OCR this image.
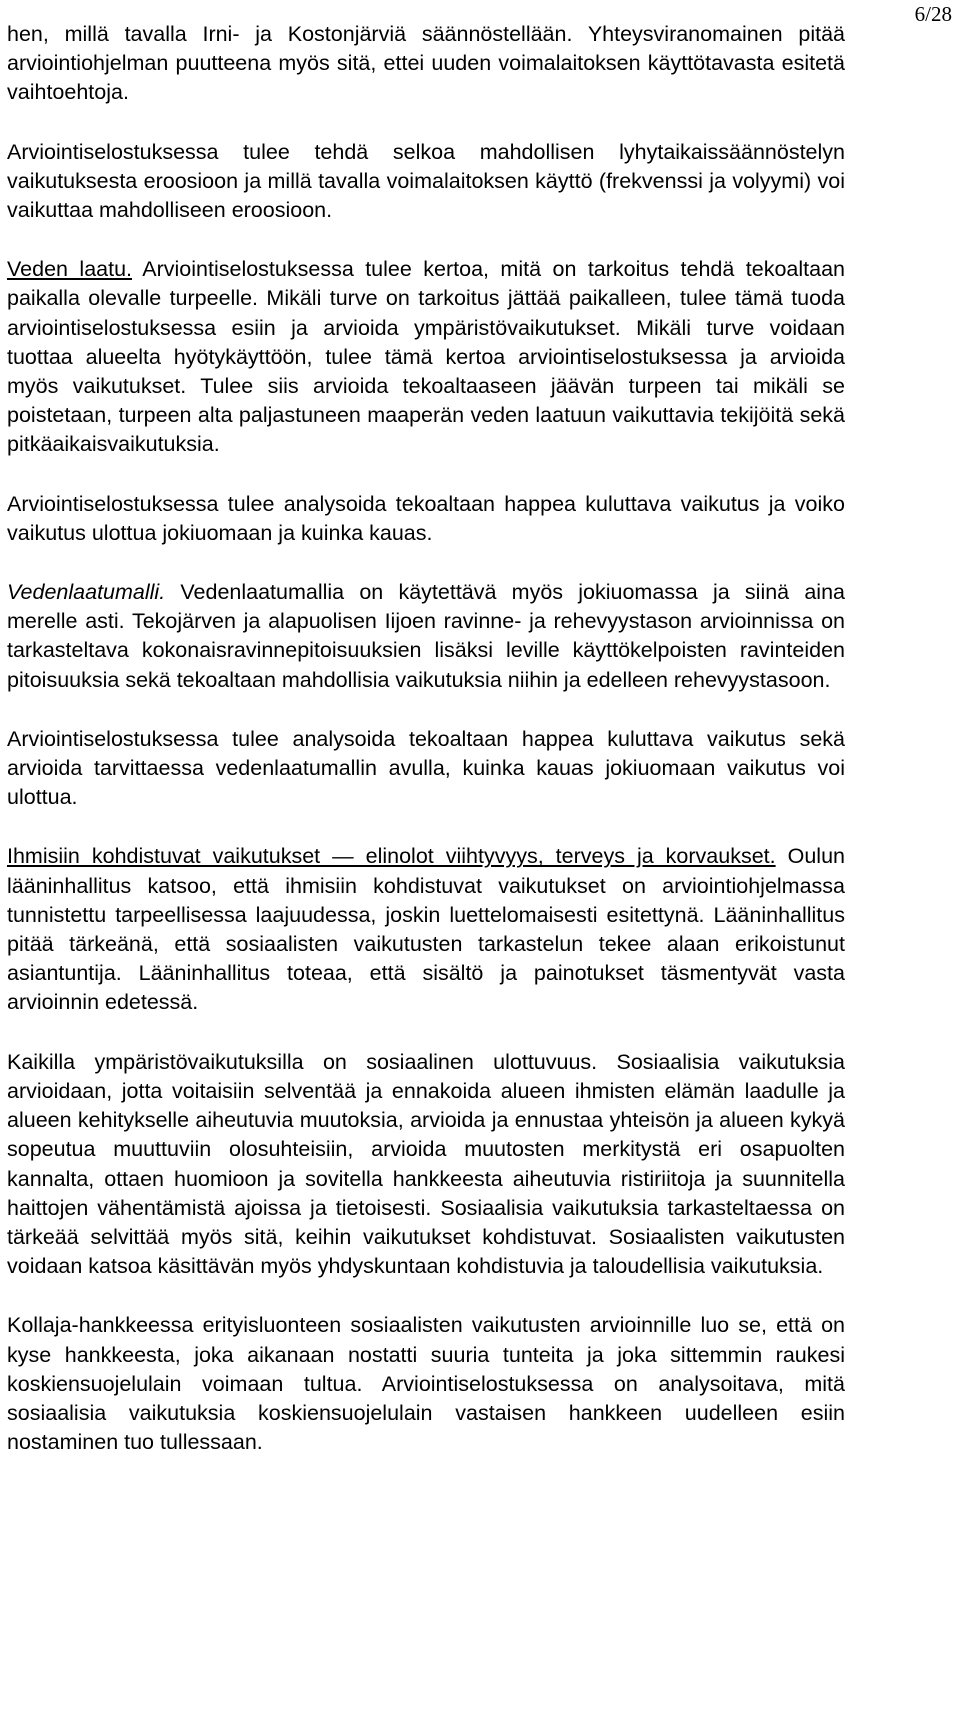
6/28

hen, millä tavalla Irni- ja Kostonjärviä säännöstellään. Yhteysviranomainen pitää arviointiohjelman puutteena myös sitä, ettei uuden voimalaitoksen käyttötavasta esitetä vaihtoehtoja.

Arviointiselostuksessa tulee tehdä selkoa mahdollisen lyhytaikaissäännöstelyn vaikutuksesta eroosioon ja millä tavalla voimalaitoksen käyttö (frekvenssi ja volyymi) voi vaikuttaa mahdolliseen eroosioon.

Veden laatu. Arviointiselostuksessa tulee kertoa, mitä on tarkoitus tehdä tekoaltaan paikalla olevalle turpeelle. Mikäli turve on tarkoitus jättää paikalleen, tulee tämä tuoda arviointiselostuksessa esiin ja arvioida ympäristövaikutukset. Mikäli turve voidaan tuottaa alueelta hyötykäyttöön, tulee tämä kertoa arviointiselostuksessa ja arvioida myös vaikutukset. Tulee siis arvioida tekoaltaaseen jäävän turpeen tai mikäli se poistetaan, turpeen alta paljastuneen maaperän veden laatuun vaikuttavia tekijöitä sekä pitkäaikaisvaikutuksia.

Arviointiselostuksessa tulee analysoida tekoaltaan happea kuluttava vaikutus ja voiko vaikutus ulottua jokiuomaan ja kuinka kauas.

Vedenlaatumalli. Vedenlaatumallia on käytettävä myös jokiuomassa ja siinä aina merelle asti. Tekojärven ja alapuolisen Iijoen ravinne- ja rehevyystason arvioinnissa on tarkasteltava kokonaisravinnepitoisuuksien lisäksi leville käyttökelpoisten ravinteiden pitoisuuksia sekä tekoaltaan mahdollisia vaikutuksia niihin ja edelleen rehevyystasoon.

Arviointiselostuksessa tulee analysoida tekoaltaan happea kuluttava vaikutus sekä arvioida tarvittaessa vedenlaatumallin avulla, kuinka kauas jokiuomaan vaikutus voi ulottua.

Ihmisiin kohdistuvat vaikutukset — elinolot viihtyvyys, terveys ja korvaukset. Oulun lääninhallitus katsoo, että ihmisiin kohdistuvat vaikutukset on arviointiohjelmassa tunnistettu tarpeellisessa laajuudessa, joskin luettelomaisesti esitettynä. Lääninhallitus pitää tärkeänä, että sosiaalisten vaikutusten tarkastelun tekee alaan erikoistunut asiantuntija. Lääninhallitus toteaa, että sisältö ja painotukset täsmentyvät vasta arvioinnin edetessä.

Kaikilla ympäristövaikutuksilla on sosiaalinen ulottuvuus. Sosiaalisia vaikutuksia arvioidaan, jotta voitaisiin selventää ja ennakoida alueen ihmisten elämän laadulle ja alueen kehitykselle aiheutuvia muutoksia, arvioida ja ennustaa yhteisön ja alueen kykyä sopeutua muuttuviin olosuhteisiin, arvioida muutosten merkitystä eri osapuolten kannalta, ottaen huomioon ja sovitella hankkeesta aiheutuvia ristiriitoja ja suunnitella haittojen vähentämistä ajoissa ja tietoisesti. Sosiaalisia vaikutuksia tarkasteltaessa on tärkeää selvittää myös sitä, keihin vaikutukset kohdistuvat. Sosiaalisten vaikutusten voidaan katsoa käsittävän myös yhdyskuntaan kohdistuvia ja taloudellisia vaikutuksia.

Kollaja-hankkeessa erityisluonteen sosiaalisten vaikutusten arvioinnille luo se, että on kyse hankkeesta, joka aikanaan nostatti suuria tunteita ja joka sittemmin raukesi koskiensuojelulain voimaan tultua. Arviointiselostuksessa on analysoitava, mitä sosiaalisia vaikutuksia koskiensuojelulain vastaisen hankkeen uudelleen esiin nostaminen tuo tullessaan.
